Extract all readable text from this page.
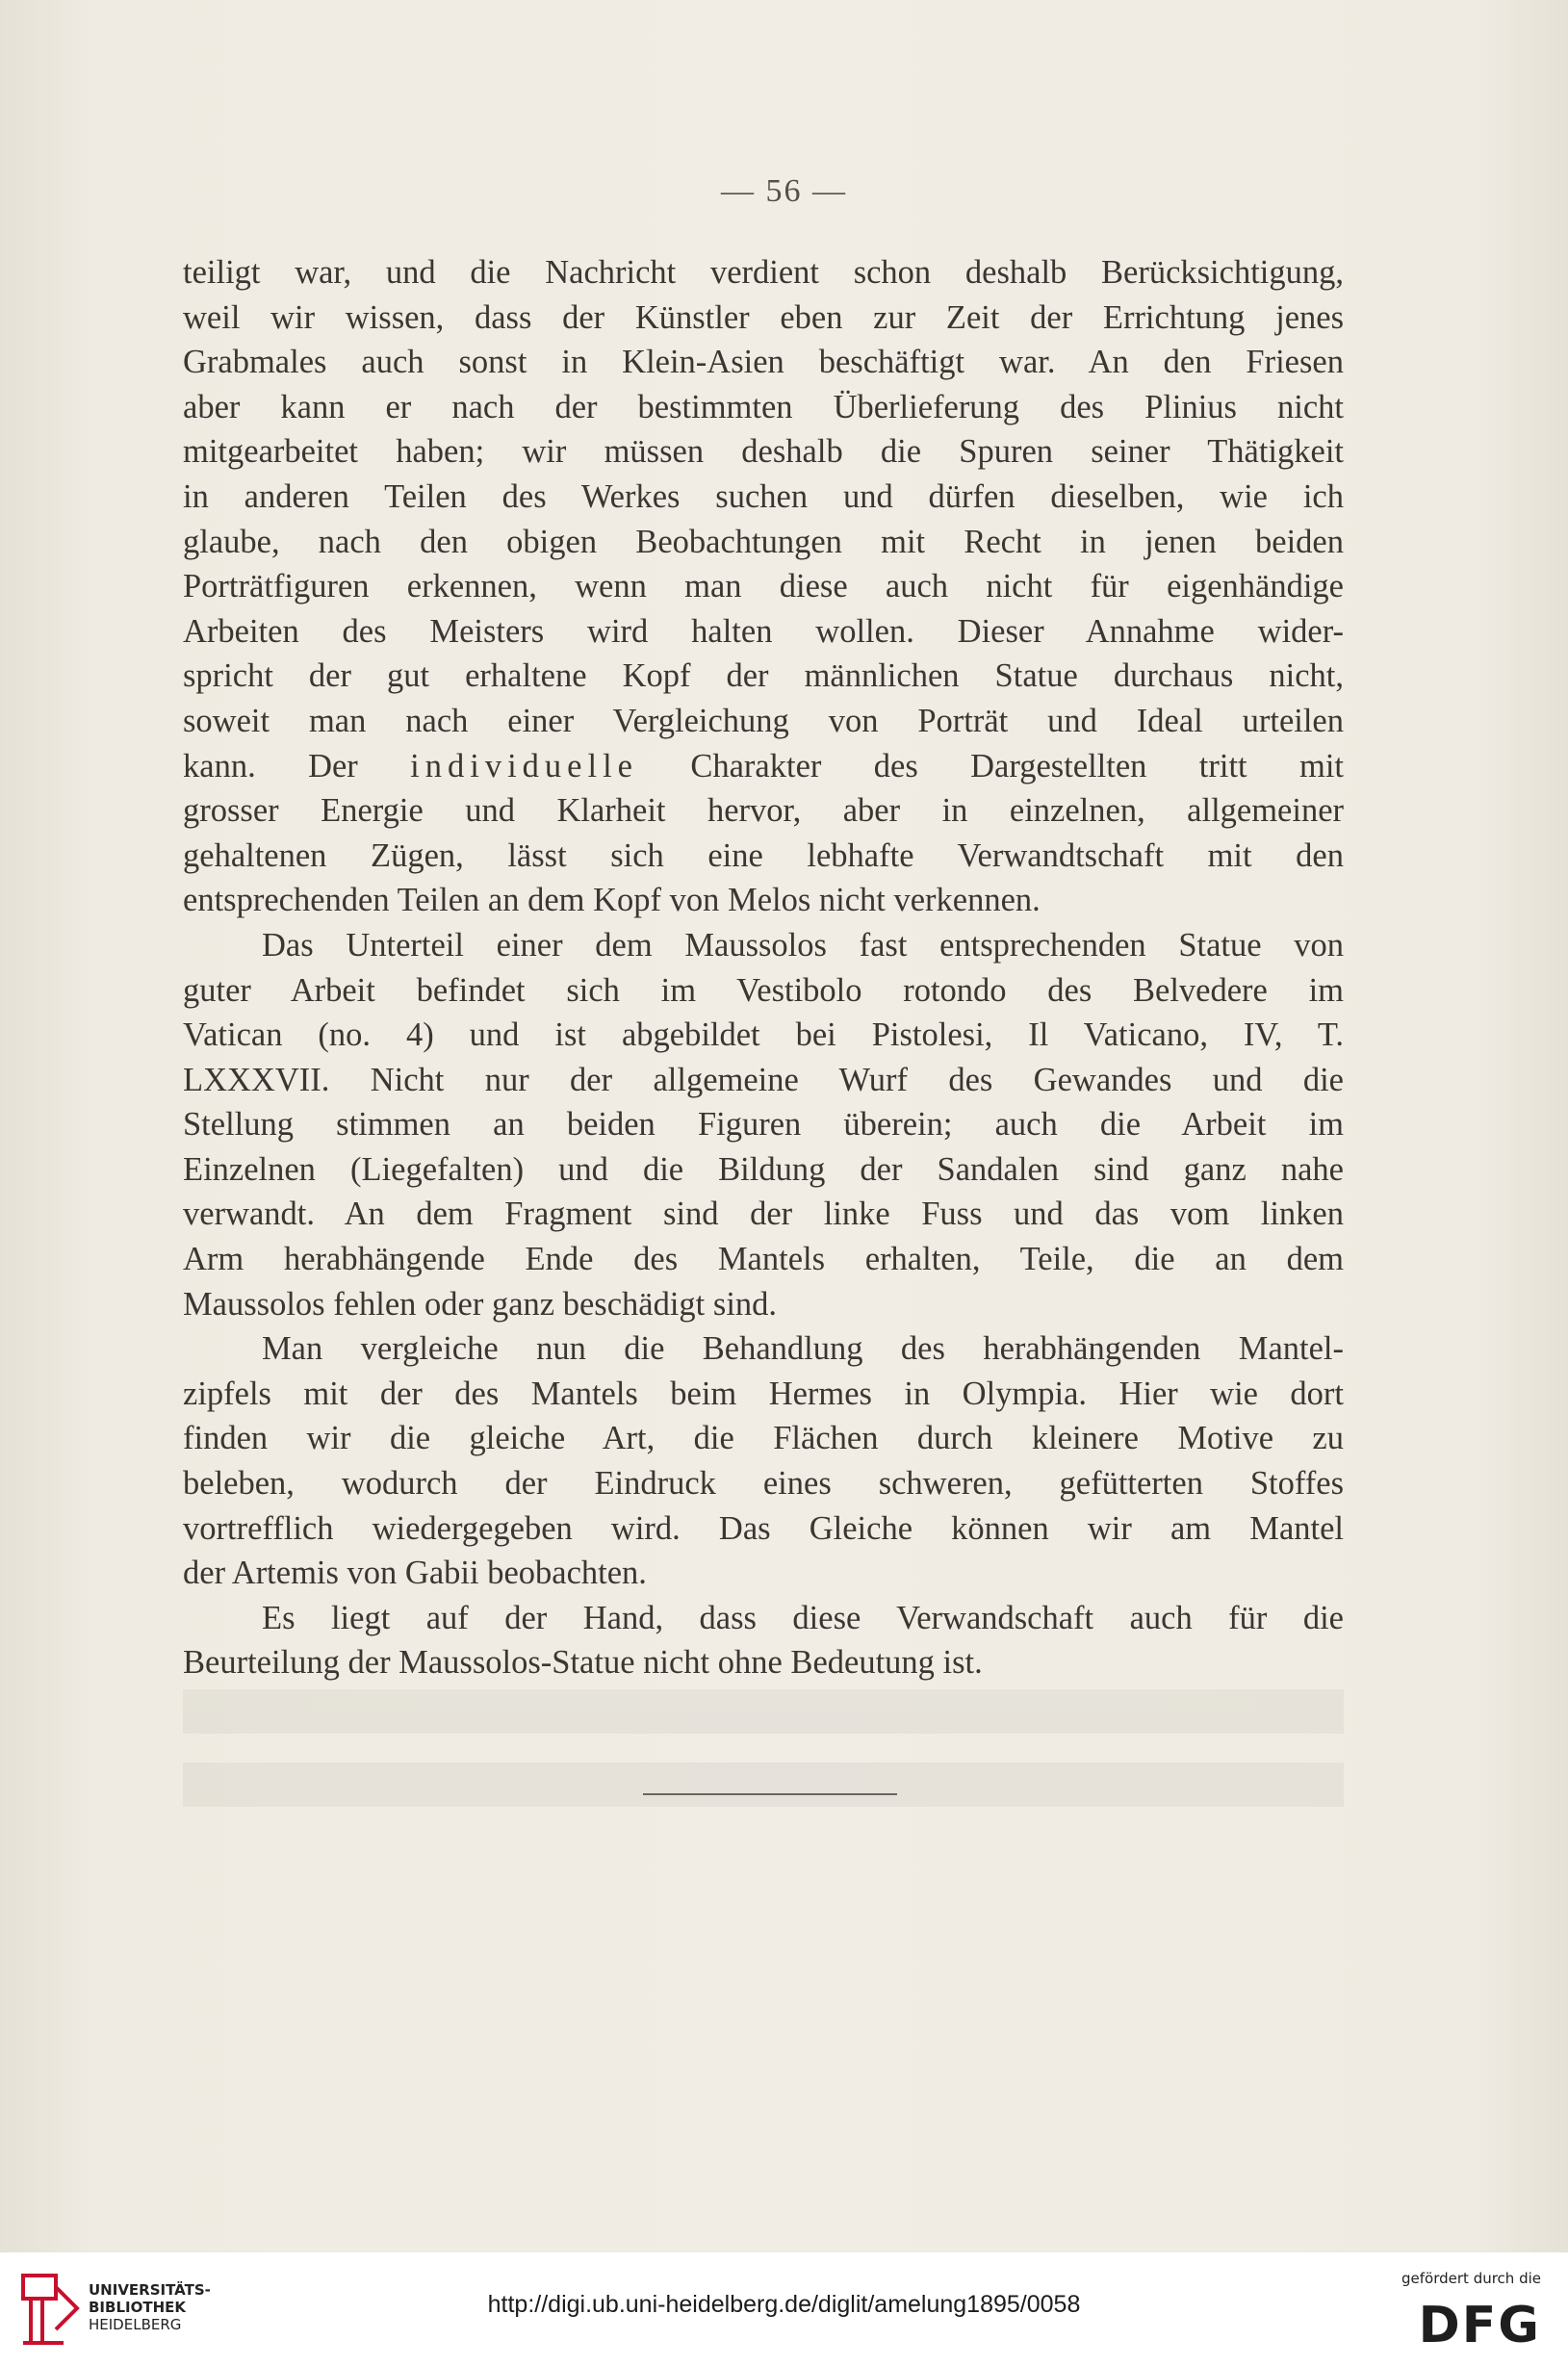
— 56 —
teiligt war, und die Nachricht verdient schon deshalb Berücksichtigung,
weil wir wissen, dass der Künstler eben zur Zeit der Errichtung jenes
Grabmales auch sonst in Klein-Asien beschäftigt war. An den Friesen
aber kann er nach der bestimmten Überlieferung des Plinius nicht
mitgearbeitet haben; wir müssen deshalb die Spuren seiner Thätigkeit
in anderen Teilen des Werkes suchen und dürfen dieselben, wie ich
glaube, nach den obigen Beobachtungen mit Recht in jenen beiden
Porträtfiguren erkennen, wenn man diese auch nicht für eigenhändige
Arbeiten des Meisters wird halten wollen. Dieser Annahme wider-
spricht der gut erhaltene Kopf der männlichen Statue durchaus nicht,
soweit man nach einer Vergleichung von Porträt und Ideal urteilen
kann. Der individuelle Charakter des Dargestellten tritt mit
grosser Energie und Klarheit hervor, aber in einzelnen, allgemeiner
gehaltenen Zügen, lässt sich eine lebhafte Verwandtschaft mit den
entsprechenden Teilen an dem Kopf von Melos nicht verkennen.
Das Unterteil einer dem Maussolos fast entsprechenden Statue von
guter Arbeit befindet sich im Vestibolo rotondo des Belvedere im
Vatican (no. 4) und ist abgebildet bei Pistolesi, Il Vaticano, IV, T.
LXXXVII. Nicht nur der allgemeine Wurf des Gewandes und die
Stellung stimmen an beiden Figuren überein; auch die Arbeit im
Einzelnen (Liegefalten) und die Bildung der Sandalen sind ganz nahe
verwandt. An dem Fragment sind der linke Fuss und das vom linken
Arm herabhängende Ende des Mantels erhalten, Teile, die an dem
Maussolos fehlen oder ganz beschädigt sind.
Man vergleiche nun die Behandlung des herabhängenden Mantel-
zipfels mit der des Mantels beim Hermes in Olympia. Hier wie dort
finden wir die gleiche Art, die Flächen durch kleinere Motive zu
beleben, wodurch der Eindruck eines schweren, gefütterten Stoffes
vortrefflich wiedergegeben wird. Das Gleiche können wir am Mantel
der Artemis von Gabii beobachten.
Es liegt auf der Hand, dass diese Verwandschaft auch für die
Beurteilung der Maussolos-Statue nicht ohne Bedeutung ist.
UNIVERSITÄTS-
BIBLIOTHEK
HEIDELBERG
http://digi.ub.uni-heidelberg.de/diglit/amelung1895/0058
gefördert durch die
DFG
